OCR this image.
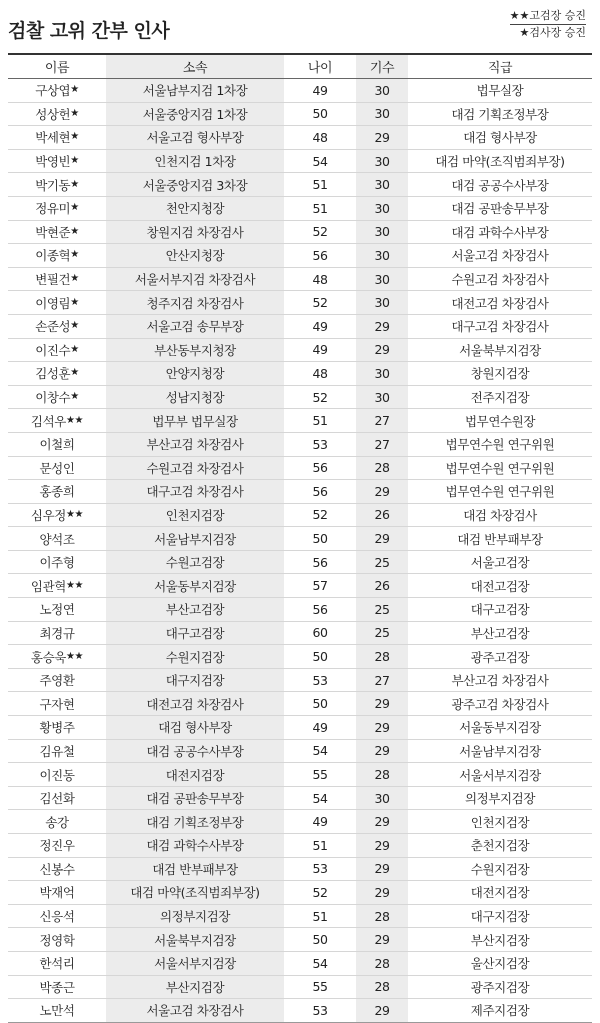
검찰 고위 간부 인사
★★고검장 승진
★검사장 승진
이름	소속	나이	기수	직급
구상엽★	서울남부지검 1차장	49	30	법무실장
성상헌★	서울중앙지검 1차장	50	30	대검 기획조정부장
박세현★	서울고검 형사부장	48	29	대검 형사부장
박영빈★	인천지검 1차장	54	30	대검 마약(조직범죄부장)
박기동★	서울중앙지검 3차장	51	30	대검 공공수사부장
정유미★	천안지청장	51	30	대검 공판송무부장
박현준★	창원지검 차장검사	52	30	대검 과학수사부장
이종혁★	안산지청장	56	30	서울고검 차장검사
변필건★	서울서부지검 차장검사	48	30	수원고검 차장검사
이영림★	청주지검 차장검사	52	30	대전고검 차장검사
손준성★	서울고검 송무부장	49	29	대구고검 차장검사
이진수★	부산동부지청장	49	29	서울북부지검장
김성훈★	안양지청장	48	30	창원지검장
이창수★	성남지청장	52	30	전주지검장
김석우★★	법무부 법무실장	51	27	법무연수원장
이철희	부산고검 차장검사	53	27	법무연수원 연구위원
문성인	수원고검 차장검사	56	28	법무연수원 연구위원
홍종희	대구고검 차장검사	56	29	법무연수원 연구위원
심우정★★	인천지검장	52	26	대검 차장검사
양석조	서울남부지검장	50	29	대검 반부패부장
이주형	수원고검장	56	25	서울고검장
임관혁★★	서울동부지검장	57	26	대전고검장
노정연	부산고검장	56	25	대구고검장
최경규	대구고검장	60	25	부산고검장
홍승욱★★	수원지검장	50	28	광주고검장
주영환	대구지검장	53	27	부산고검 차장검사
구자현	대전고검 차장검사	50	29	광주고검 차장검사
황병주	대검 형사부장	49	29	서울동부지검장
김유철	대검 공공수사부장	54	29	서울남부지검장
이진동	대전지검장	55	28	서울서부지검장
김선화	대검 공판송무부장	54	30	의정부지검장
송강	대검 기획조정부장	49	29	인천지검장
정진우	대검 과학수사부장	51	29	춘천지검장
신봉수	대검 반부패부장	53	29	수원지검장
박재억	대검 마약(조직범죄부장)	52	29	대전지검장
신응석	의정부지검장	51	28	대구지검장
정영학	서울북부지검장	50	29	부산지검장
한석리	서울서부지검장	54	28	울산지검장
박종근	부산지검장	55	28	광주지검장
노만석	서울고검 차장검사	53	29	제주지검장
